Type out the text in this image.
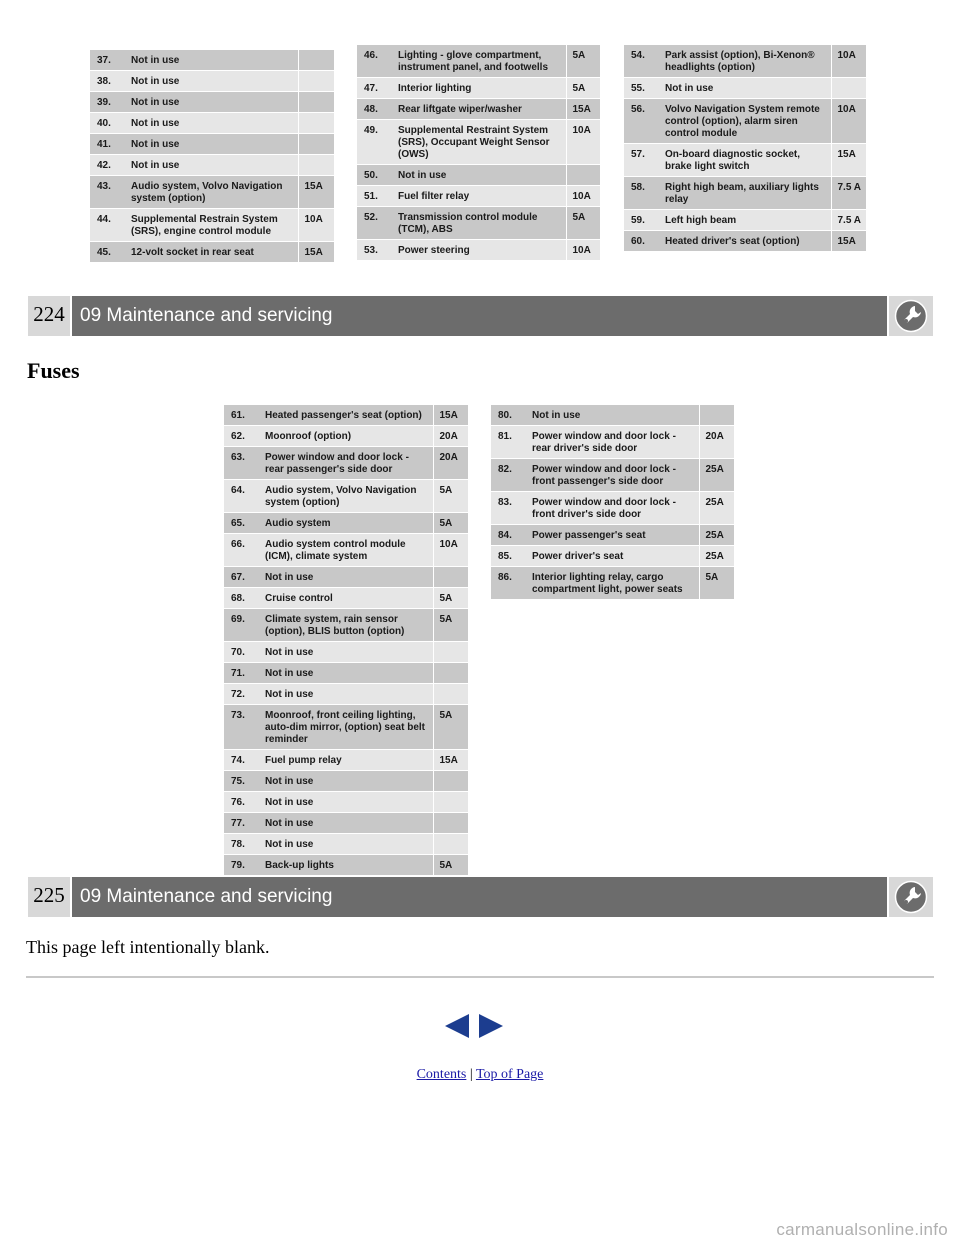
37.	Not in use	
38.	Not in use	
39.	Not in use	
40.	Not in use	
41.	Not in use	
42.	Not in use	
43.	Audio system, Volvo Navigation system (option)	15A
44.	Supplemental Restrain System (SRS), engine control module	10A
45.	12-volt socket in rear seat	15A
46.	Lighting - glove compartment, instrument panel, and footwells	5A
47.	Interior lighting	5A
48.	Rear liftgate wiper/washer	15A
49.	Supplemental Restraint System (SRS), Occupant Weight Sensor (OWS)	10A
50.	Not in use	
51.	Fuel filter relay	10A
52.	Transmission control module (TCM), ABS	5A
53.	Power steering	10A
54.	Park assist (option), Bi-Xenon® headlights (option)	10A
55.	Not in use	
56.	Volvo Navigation System remote control (option), alarm siren control module	10A
57.	On-board diagnostic socket, brake light switch	15A
58.	Right high beam, auxiliary lights relay	7.5 A
59.	Left high beam	7.5 A
60.	Heated driver's seat (option)	15A
224 09 Maintenance and servicing
Fuses
61.	Heated passenger's seat (option)	15A
62.	Moonroof (option)	20A
63.	Power window and door lock - rear passenger's side door	20A
64.	Audio system, Volvo Navigation system (option)	5A
65.	Audio system	5A
66.	Audio system control module (ICM), climate system	10A
67.	Not in use	
68.	Cruise control	5A
69.	Climate system, rain sensor (option), BLIS button (option)	5A
70.	Not in use	
71.	Not in use	
72.	Not in use	
73.	Moonroof, front ceiling lighting, auto-dim mirror, (option) seat belt reminder	5A
74.	Fuel pump relay	15A
75.	Not in use	
76.	Not in use	
77.	Not in use	
78.	Not in use	
79.	Back-up lights	5A
80.	Not in use	
81.	Power window and door lock - rear driver's side door	20A
82.	Power window and door lock - front passenger's side door	25A
83.	Power window and door lock - front driver's side door	25A
84.	Power passenger's seat	25A
85.	Power driver's seat	25A
86.	Interior lighting relay, cargo compartment light, power seats	5A
225 09 Maintenance and servicing
This page left intentionally blank.
Contents | Top of Page
carmanualsonline.info
